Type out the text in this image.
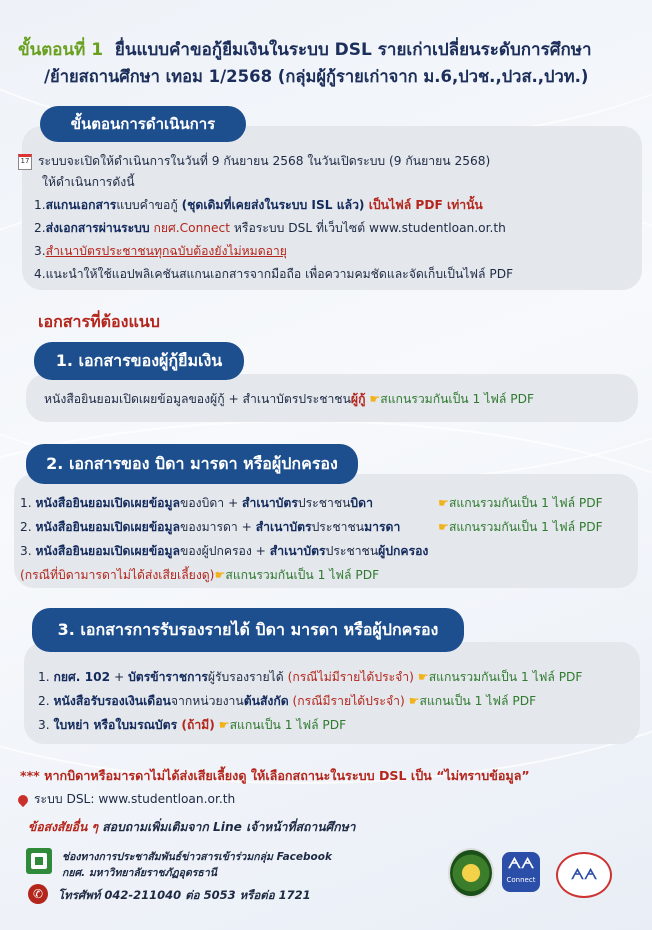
ขั้นตอนที่ 1 ยื่นแบบคำขอกู้ยืมเงินในระบบ DSL รายเก่าเปลี่ยนระดับการศึกษา
/ย้ายสถานศึกษา เทอม 1/2568 (กลุ่มผู้กู้รายเก่าจาก ม.6,ปวช.,ปวส.,ปวท.)
ขั้นตอนการดำเนินการ
17 ระบบจะเปิดให้ดำเนินการในวันที่ 9 กันยายน 2568 ในวันเปิดระบบ (9 กันยายน 2568)
ให้ดำเนินการดังนี้
1.สแกนเอกสารแบบคำขอกู้ (ชุดเดิมที่เคยส่งในระบบ ISL แล้ว) เป็นไฟล์ PDF เท่านั้น
2.ส่งเอกสารผ่านระบบ กยศ.Connect หรือระบบ DSL ที่เว็บไซต์ www.studentloan.or.th
3.สำเนาบัตรประชาชนทุกฉบับต้องยังไม่หมดอายุ
4.แนะนำให้ใช้แอปพลิเคชันสแกนเอกสารจากมือถือ เพื่อความคมชัดและจัดเก็บเป็นไฟล์ PDF
เอกสารที่ต้องแนบ
1. เอกสารของผู้กู้ยืมเงิน
หนังสือยินยอมเปิดเผยข้อมูลของผู้กู้ + สำเนาบัตรประชาชนผู้กู้ ☛สแกนรวมกันเป็น 1 ไฟล์ PDF
2. เอกสารของ บิดา มารดา หรือผู้ปกครอง
1. หนังสือยินยอมเปิดเผยข้อมูลของบิดา + สำเนาบัตรประชาชนบิดา	☛สแกนรวมกันเป็น 1 ไฟล์ PDF
2. หนังสือยินยอมเปิดเผยข้อมูลของมารดา + สำเนาบัตรประชาชนมารดา	☛สแกนรวมกันเป็น 1 ไฟล์ PDF
3. หนังสือยินยอมเปิดเผยข้อมูลของผู้ปกครอง + สำเนาบัตรประชาชนผู้ปกครอง
(กรณีที่บิดามารดาไม่ได้ส่งเสียเลี้ยงดู)☛สแกนรวมกันเป็น 1 ไฟล์ PDF
3. เอกสารการรับรองรายได้ บิดา มารดา หรือผู้ปกครอง
1. กยศ. 102 + บัตรข้าราชการผู้รับรองรายได้ (กรณีไม่มีรายได้ประจำ) ☛สแกนรวมกันเป็น 1 ไฟล์ PDF
2. หนังสือรับรองเงินเดือนจากหน่วยงานต้นสังกัด (กรณีมีรายได้ประจำ) ☛สแกนเป็น 1 ไฟล์ PDF
3. ใบหย่า หรือใบมรณบัตร (ถ้ามี) ☛สแกนเป็น 1 ไฟล์ PDF
*** หากบิดาหรือมารดาไม่ได้ส่งเสียเลี้ยงดู ให้เลือกสถานะในระบบ DSL เป็น “ไม่ทราบข้อมูล”
ระบบ DSL: www.studentloan.or.th
ข้อสงสัยอื่น ๆ สอบถามเพิ่มเติมจาก Line เจ้าหน้าที่สถานศึกษา
ช่องทางการประชาสัมพันธ์ข่าวสารเข้าร่วมกลุ่ม Facebook
กยศ. มหาวิทยาลัยราชภัฏอุดรธานี
✆	โทรศัพท์ 042-211040 ต่อ 5053 หรือต่อ 1721
ᗅᗅ
Connect	ᗅᗅ
